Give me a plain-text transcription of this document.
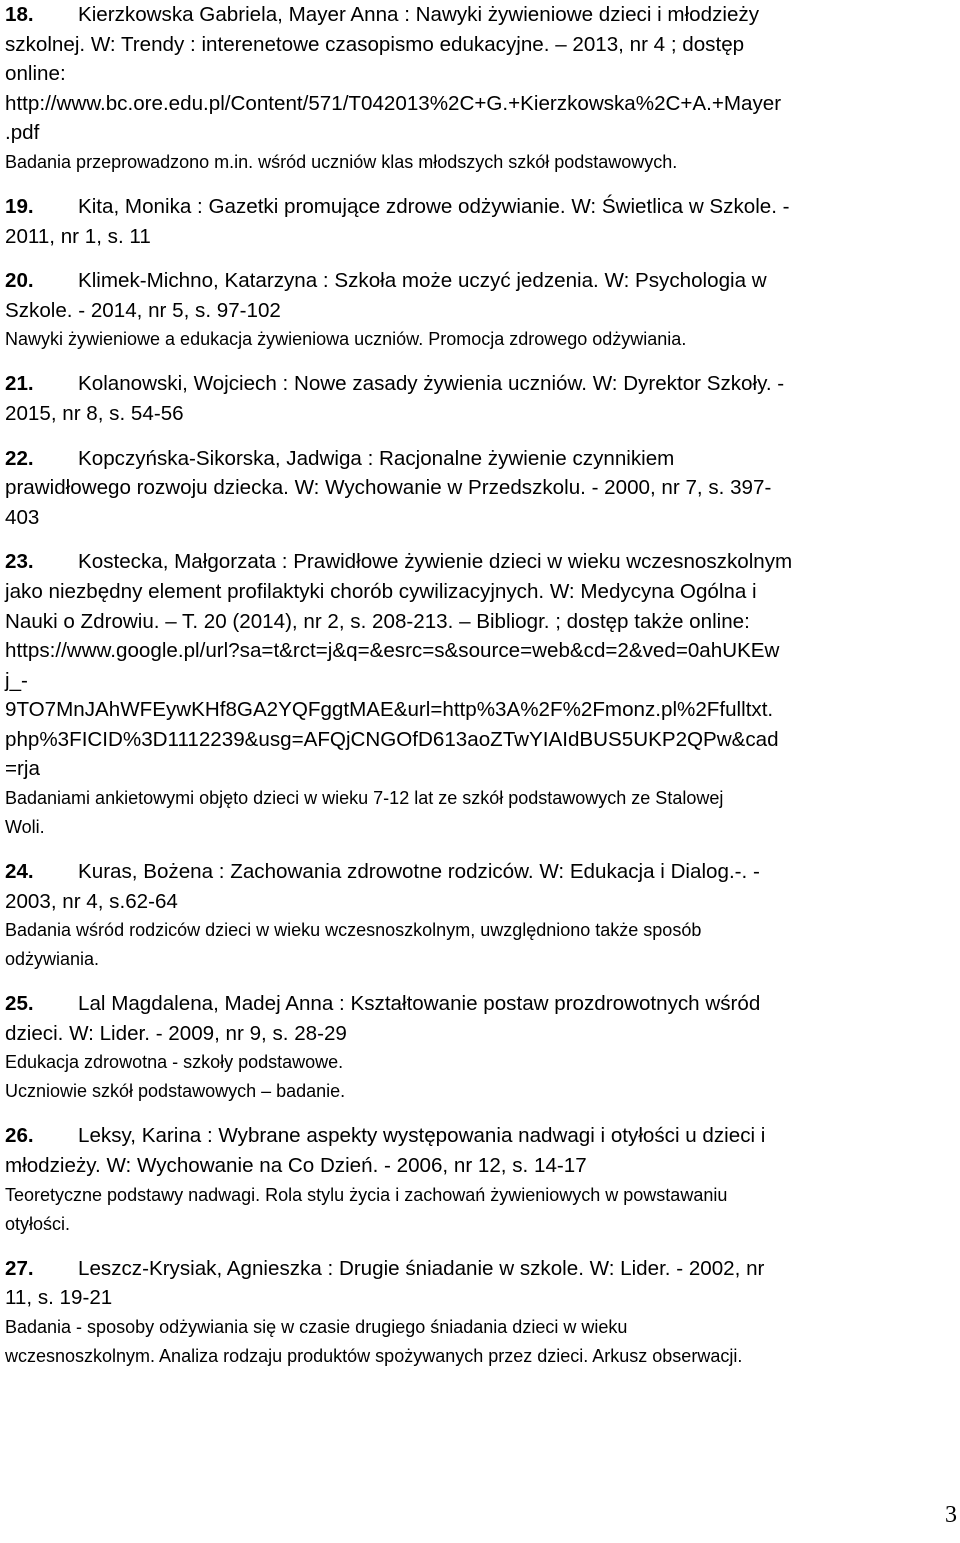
18. Kierzkowska Gabriela, Mayer Anna : Nawyki żywieniowe dzieci i młodzieży
szkolnej. W: Trendy : interenetowe czasopismo edukacyjne. – 2013, nr 4 ; dostęp
online:
http://www.bc.ore.edu.pl/Content/571/T042013%2C+G.+Kierzkowska%2C+A.+Mayer
.pdf
Badania przeprowadzono m.in. wśród uczniów klas młodszych szkół podstawowych.
19. Kita, Monika : Gazetki promujące zdrowe odżywianie. W: Świetlica w Szkole. -
2011, nr 1, s. 11
20. Klimek-Michno, Katarzyna : Szkoła może uczyć jedzenia. W: Psychologia w
Szkole. - 2014, nr 5, s. 97-102
Nawyki żywieniowe a edukacja żywieniowa uczniów. Promocja zdrowego odżywiania.
21. Kolanowski, Wojciech : Nowe zasady żywienia uczniów. W: Dyrektor Szkoły. -
2015, nr 8, s. 54-56
22. Kopczyńska-Sikorska, Jadwiga : Racjonalne żywienie czynnikiem
prawidłowego rozwoju dziecka. W: Wychowanie w Przedszkolu. - 2000, nr 7, s. 397-
403
23. Kostecka, Małgorzata : Prawidłowe żywienie dzieci w wieku wczesnoszkolnym
jako niezbędny element profilaktyki chorób cywilizacyjnych. W: Medycyna Ogólna i
Nauki o Zdrowiu. – T. 20 (2014), nr 2, s. 208-213. – Bibliogr. ; dostęp także online:
https://www.google.pl/url?sa=t&rct=j&q=&esrc=s&source=web&cd=2&ved=0ahUKEw
j_-
9TO7MnJAhWFEywKHf8GA2YQFggtMAE&url=http%3A%2F%2Fmonz.pl%2Ffulltxt.
php%3FICID%3D1112239&usg=AFQjCNGOfD613aoZTwYIAIdBUS5UKP2QPw&cad
=rja
Badaniami ankietowymi objęto dzieci w wieku 7-12 lat ze szkół podstawowych ze Stalowej
Woli.
24. Kuras, Bożena : Zachowania zdrowotne rodziców. W: Edukacja i Dialog.-. -
2003, nr 4, s.62-64
Badania wśród rodziców dzieci w wieku wczesnoszkolnym, uwzględniono także sposób
odżywiania.
25. Lal Magdalena, Madej Anna : Kształtowanie postaw prozdrowotnych wśród
dzieci. W: Lider. - 2009, nr 9, s. 28-29
Edukacja zdrowotna - szkoły podstawowe.
Uczniowie szkół podstawowych – badanie.
26. Leksy, Karina : Wybrane aspekty występowania nadwagi i otyłości u dzieci i
młodzieży. W: Wychowanie na Co Dzień. - 2006, nr 12, s. 14-17
Teoretyczne podstawy nadwagi. Rola stylu życia i zachowań żywieniowych w powstawaniu
otyłości.
27. Leszcz-Krysiak, Agnieszka : Drugie śniadanie w szkole. W: Lider. - 2002, nr
11, s. 19-21
Badania - sposoby odżywiania się w czasie drugiego śniadania dzieci w wieku
wczesnoszkolnym. Analiza rodzaju produktów spożywanych przez dzieci. Arkusz obserwacji.
3
